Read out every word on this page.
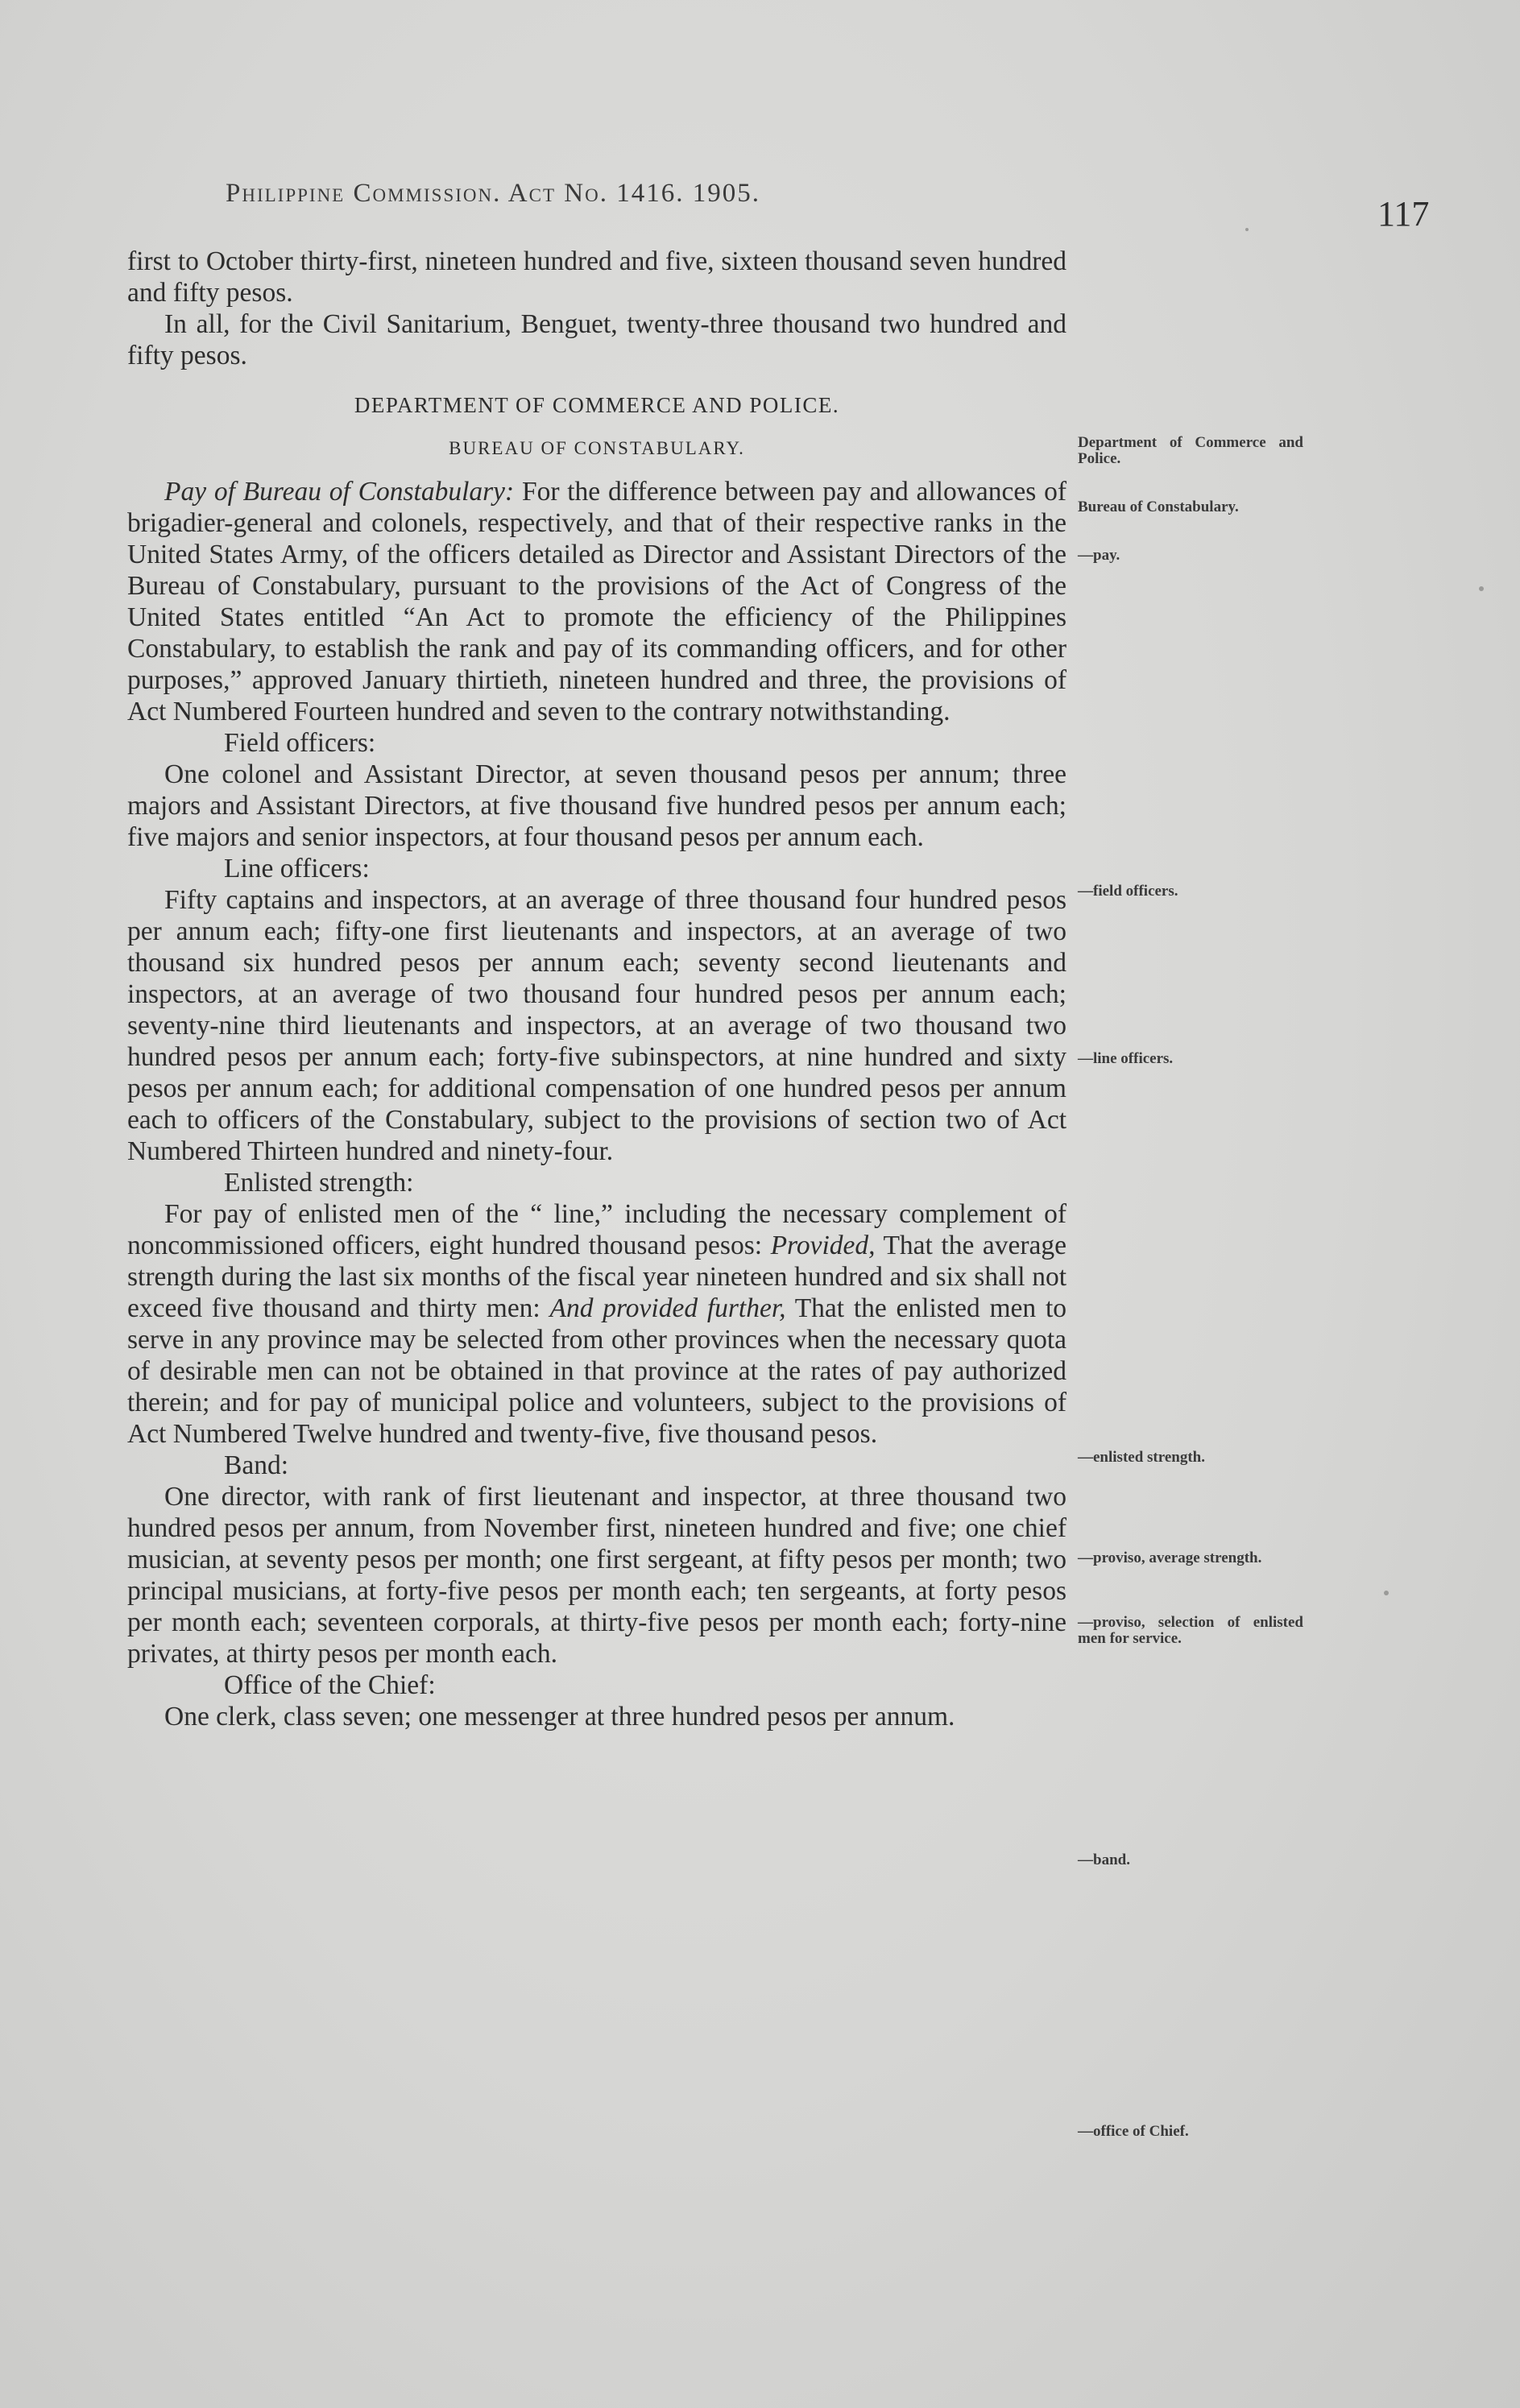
Philippine Commission. Act No. 1416. 1905.
117

first to October thirty-first, nineteen hundred and five, sixteen thousand seven hundred and fifty pesos.

In all, for the Civil Sanitarium, Benguet, twenty-three thousand two hundred and fifty pesos.

DEPARTMENT OF COMMERCE AND POLICE.

BUREAU OF CONSTABULARY.

Pay of Bureau of Constabulary: For the difference between pay and allowances of brigadier-general and colonels, respectively, and that of their respective ranks in the United States Army, of the officers detailed as Director and Assistant Directors of the Bureau of Constabulary, pursuant to the provisions of the Act of Congress of the United States entitled “An Act to promote the efficiency of the Philippines Constabulary, to establish the rank and pay of its commanding officers, and for other purposes,” approved January thirtieth, nineteen hundred and three, the provisions of Act Numbered Fourteen hundred and seven to the contrary notwithstanding.

Field officers:

One colonel and Assistant Director, at seven thousand pesos per annum; three majors and Assistant Directors, at five thousand five hundred pesos per annum each; five majors and senior inspectors, at four thousand pesos per annum each.

Line officers:

Fifty captains and inspectors, at an average of three thousand four hundred pesos per annum each; fifty-one first lieutenants and inspectors, at an average of two thousand six hundred pesos per annum each; seventy second lieutenants and inspectors, at an average of two thousand four hundred pesos per annum each; seventy-nine third lieutenants and inspectors, at an average of two thousand two hundred pesos per annum each; forty-five subinspectors, at nine hundred and sixty pesos per annum each; for additional compensation of one hundred pesos per annum each to officers of the Constabulary, subject to the provisions of section two of Act Numbered Thirteen hundred and ninety-four.

Enlisted strength:

For pay of enlisted men of the “ line,” including the necessary complement of noncommissioned officers, eight hundred thousand pesos: Provided, That the average strength during the last six months of the fiscal year nineteen hundred and six shall not exceed five thousand and thirty men: And provided further, That the enlisted men to serve in any province may be selected from other provinces when the necessary quota of desirable men can not be obtained in that province at the rates of pay authorized therein; and for pay of municipal police and volunteers, subject to the provisions of Act Numbered Twelve hundred and twenty-five, five thousand pesos.

Band:

One director, with rank of first lieutenant and inspector, at three thousand two hundred pesos per annum, from November first, nineteen hundred and five; one chief musician, at seventy pesos per month; one first sergeant, at fifty pesos per month; two principal musicians, at forty-five pesos per month each; ten sergeants, at forty pesos per month each; seventeen corporals, at thirty-five pesos per month each; forty-nine privates, at thirty pesos per month each.

Office of the Chief:

One clerk, class seven; one messenger at three hundred pesos per annum.

Department of Commerce and Police.
Bureau of Constabulary.
—pay.
—field officers.
—line officers.
—enlisted strength.
—proviso, average strength.
—proviso, selection of enlisted men for service.
—band.
—office of Chief.
